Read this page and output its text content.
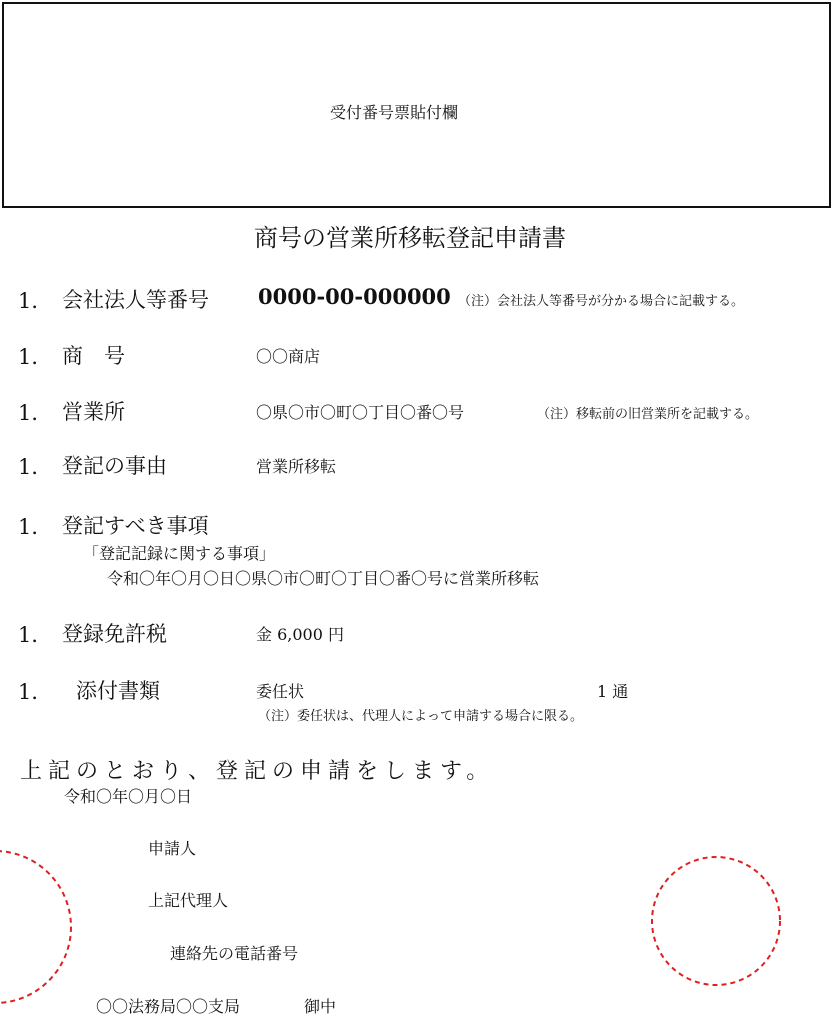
受付番号票貼付欄
商号の営業所移転登記申請書
1． 会社法人等番号 0000-00-000000 （注）会社法人等番号が分かる場合に記載する。
1． 商　号	〇〇商店
1． 営業所	〇県〇市〇町〇丁目〇番〇号	（注）移転前の旧営業所を記載する。
1． 登記の事由	営業所移転
1． 登記すべき事項
「登記記録に関する事項」
令和〇年〇月〇日〇県〇市〇町〇丁目〇番〇号に営業所移転
1． 登録免許税	金 6,000 円
1． 添付書類	委任状	1 通
（注）委任状は、代理人によって申請する場合に限る。
上記のとおり、登記の申請をします。
令和〇年〇月〇日
申請人
上記代理人
連絡先の電話番号
〇〇法務局〇〇支局	御中
